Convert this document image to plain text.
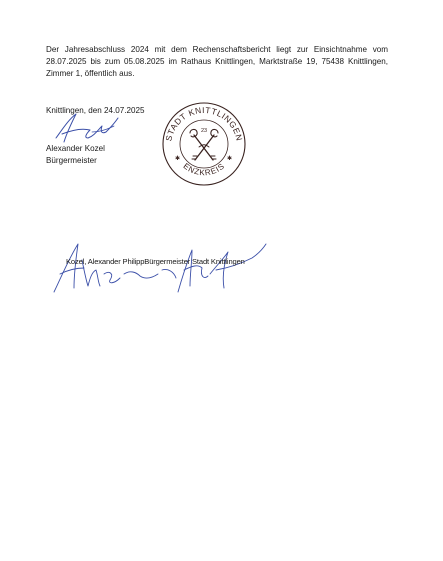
Der Jahresabschluss 2024 mit dem Rechenschaftsbericht liegt zur Einsichtnahme vom 28.07.2025 bis zum 05.08.2025 im Rathaus Knittlingen, Marktstraße 19, 75438 Knittlingen, Zimmer 1, öffentlich aus.

Knittlingen, den 24.07.2025
Alexander Kozel
Bürgermeister
STADT KNITTLINGEN
ENZKREIS
✱	✱
23
Kozel, Alexander PhilippBürgermeister Stadt Knittlingen
